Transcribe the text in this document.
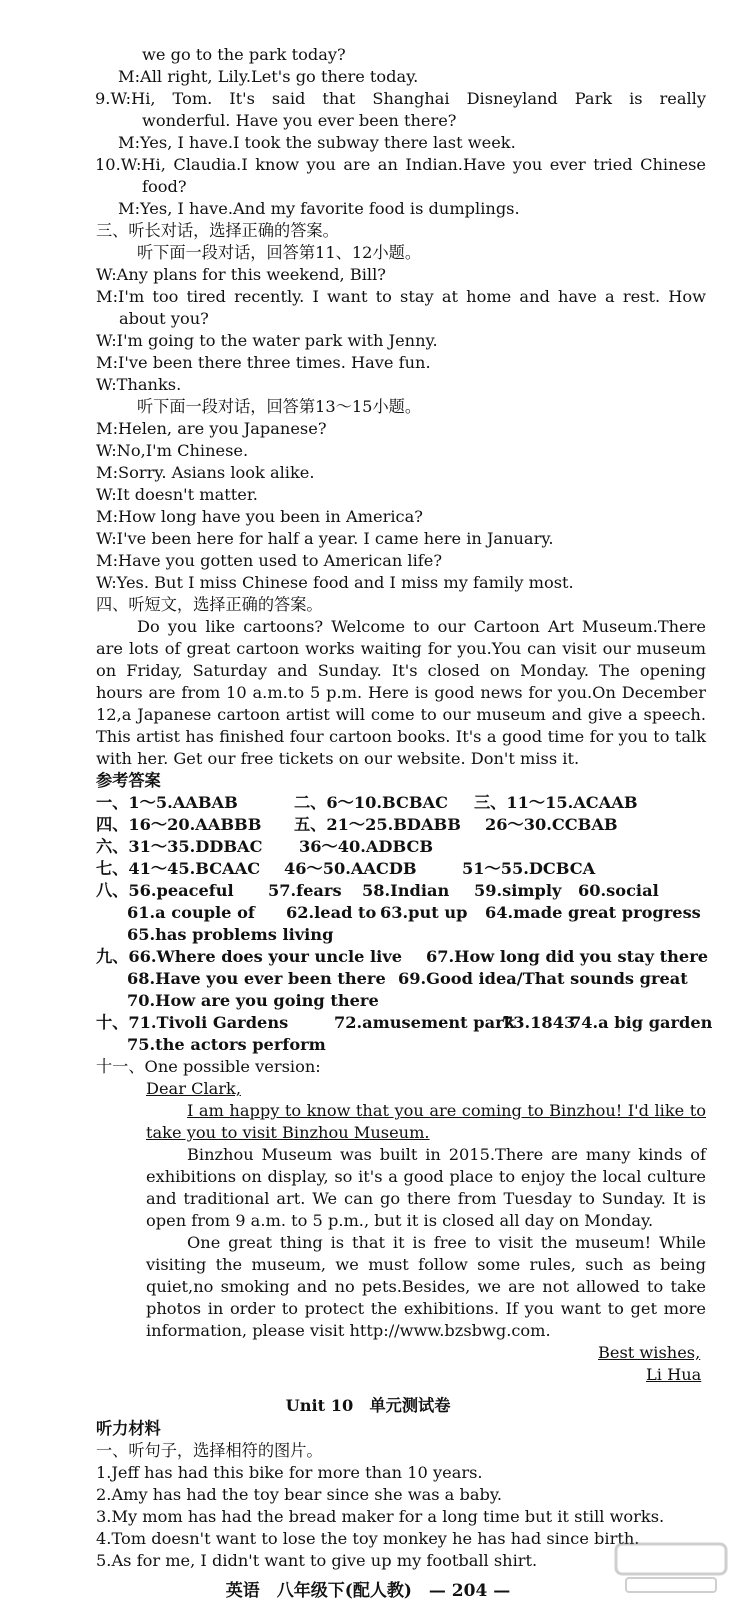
we go to the park today?
M:All right, Lily.Let's go there today.
9.W:Hi, Tom. It's said that Shanghai Disneyland Park is really
wonderful. Have you ever been there?
M:Yes, I have.I took the subway there last week.
10.W:Hi, Claudia.I know you are an Indian.Have you ever tried Chinese
food?
M:Yes, I have.And my favorite food is dumplings.
三、听长对话，选择正确的答案。
听下面一段对话，回答第11、12小题。
W:Any plans for this weekend, Bill?
M:I'm too tired recently. I want to stay at home and have a rest. How
about you?
W:I'm going to the water park with Jenny.
M:I've been there three times. Have fun.
W:Thanks.
听下面一段对话，回答第13～15小题。
M:Helen, are you Japanese?
W:No,I'm Chinese.
M:Sorry. Asians look alike.
W:It doesn't matter.
M:How long have you been in America?
W:I've been here for half a year. I came here in January.
M:Have you gotten used to American life?
W:Yes. But I miss Chinese food and I miss my family most.
四、听短文，选择正确的答案。
Do you like cartoons? Welcome to our Cartoon Art Museum.There
are lots of great cartoon works waiting for you.You can visit our museum
on Friday, Saturday and Sunday. It's closed on Monday. The opening
hours are from 10 a.m.to 5 p.m. Here is good news for you.On December
12,a Japanese cartoon artist will come to our museum and give a speech.
This artist has finished four cartoon books. It's a good time for you to talk
with her. Get our free tickets on our website. Don't miss it.
参考答案
一、1～5.AABAB	二、6～10.BCBAC 三、11～15.ACAAB
四、16～20.AABBB 五、21～25.BDABB 26～30.CCBAB
六、31～35.DDBAC 36～40.ADBCB
七、41～45.BCAAC 46～50.AACDB	51～55.DCBCA
八、56.peaceful 57.fears 58.Indian 59.simply 60.social
61.a couple of 62.lead to 63.put up 64.made great progress
65.has problems living
九、66.Where does your uncle live 67.How long did you stay there
68.Have you ever been there 69.Good idea/That sounds great
70.How are you going there
十、71.Tivoli Gardens	72.amusement park
73.1843
74.a big garden
75.the actors perform
十一、One possible version:
Dear Clark,
I am happy to know that you are coming to Binzhou! I'd like to
take you to visit Binzhou Museum.
Binzhou Museum was built in 2015.There are many kinds of
exhibitions on display, so it's a good place to enjoy the local culture
and traditional art. We can go there from Tuesday to Sunday. It is
open from 9 a.m. to 5 p.m., but it is closed all day on Monday.
One great thing is that it is free to visit the museum! While
visiting the museum, we must follow some rules, such as being
quiet,no smoking and no pets.Besides, we are not allowed to take
photos in order to protect the exhibitions. If you want to get more
information, please visit http://www.bzsbwg.com.
Best wishes,
Li Hua
Unit 10　单元测试卷
听力材料
一、听句子，选择相符的图片。
1.Jeff has had this bike for more than 10 years.
2.Amy has had the toy bear since she was a baby.
3.My mom has had the bread maker for a long time but it still works.
4.Tom doesn't want to lose the toy monkey he has had since birth.
5.As for me, I didn't want to give up my football shirt.
英语　八年级下(配人教)　— 204 —
